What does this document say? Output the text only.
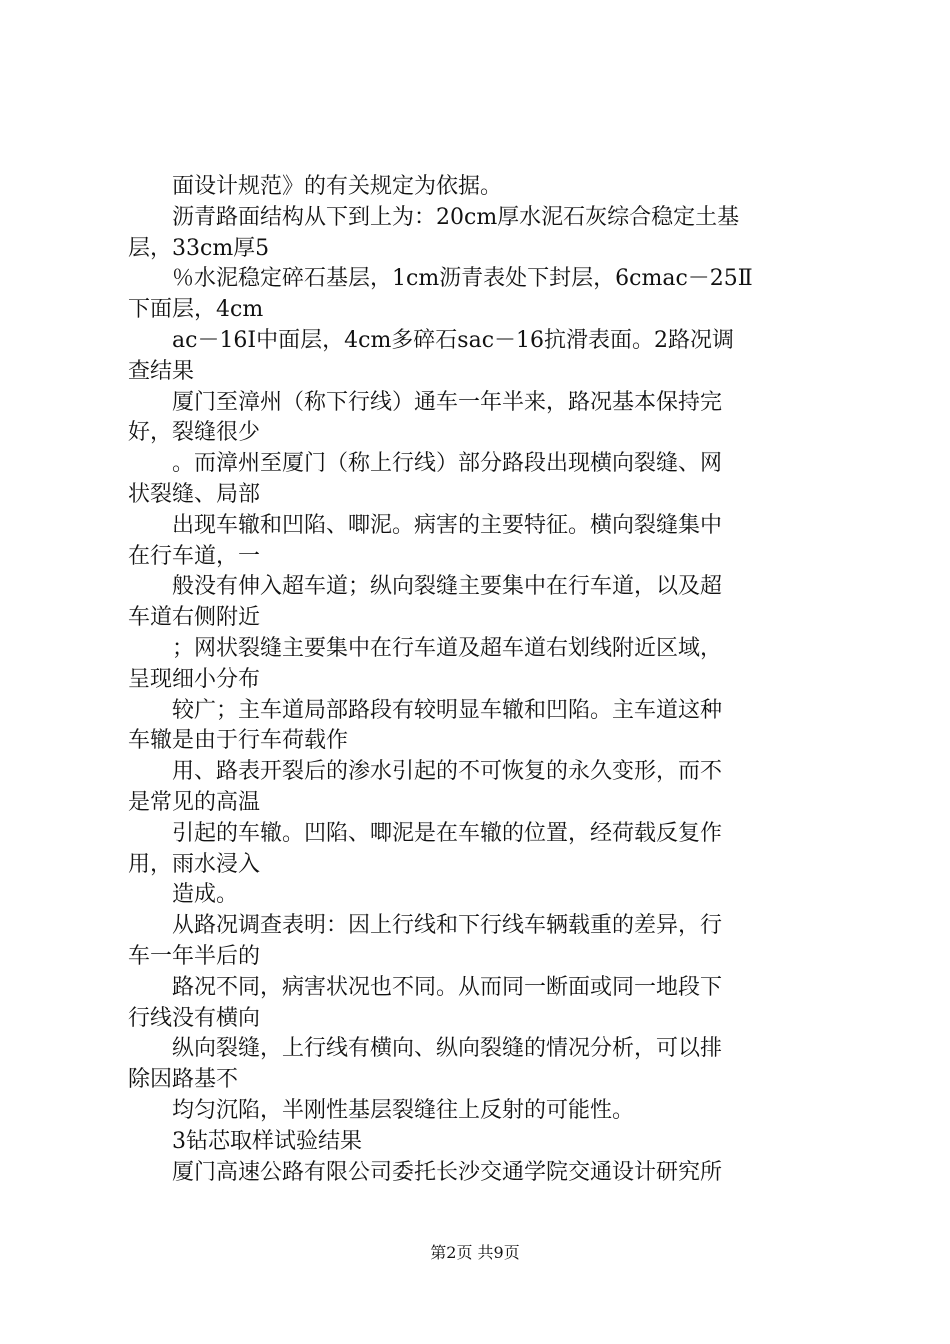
　　面设计规范》的有关规定为依据。
　　沥青路面结构从下到上为：20cm厚水泥石灰综合稳定土基
层，33cm厚5
　　％水泥稳定碎石基层，1cm沥青表处下封层，6cmac－25Ⅱ
下面层，4cm
　　ac－16Ⅰ中面层，4cm多碎石sac－16抗滑表面。2路况调
查结果
　　厦门至漳州（称下行线）通车一年半来，路况基本保持完
好，裂缝很少
　　。而漳州至厦门（称上行线）部分路段出现横向裂缝、网
状裂缝、局部
　　出现车辙和凹陷、唧泥。病害的主要特征。横向裂缝集中
在行车道，一
　　般没有伸入超车道；纵向裂缝主要集中在行车道，以及超
车道右侧附近
　　；网状裂缝主要集中在行车道及超车道右划线附近区域，
呈现细小分布
　　较广；主车道局部路段有较明显车辙和凹陷。主车道这种
车辙是由于行车荷载作
　　用、路表开裂后的渗水引起的不可恢复的永久变形，而不
是常见的高温
　　引起的车辙。凹陷、唧泥是在车辙的位置，经荷载反复作
用，雨水浸入
　　造成。
　　从路况调查表明：因上行线和下行线车辆载重的差异，行
车一年半后的
　　路况不同，病害状况也不同。从而同一断面或同一地段下
行线没有横向
　　纵向裂缝，上行线有横向、纵向裂缝的情况分析，可以排
除因路基不
　　均匀沉陷，半刚性基层裂缝往上反射的可能性。
　　3钻芯取样试验结果
　　厦门高速公路有限公司委托长沙交通学院交通设计研究所
第2页 共9页
